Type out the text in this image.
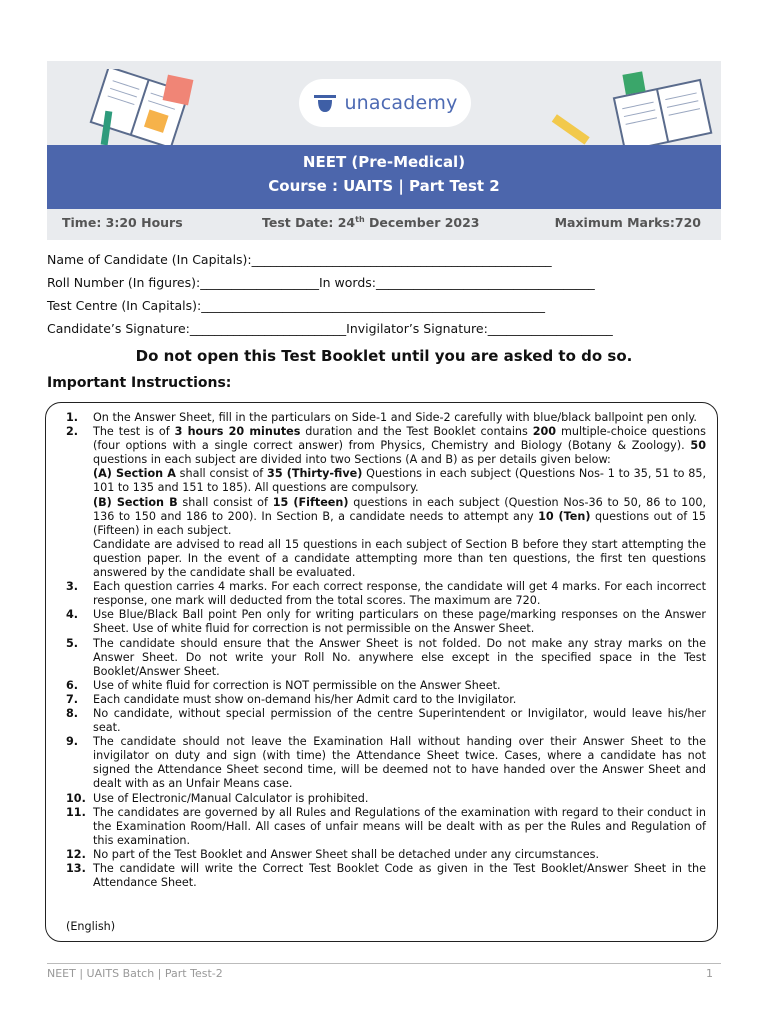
unacademy
NEET (Pre-Medical)
Course : UAITS | Part Test 2
Time: 3:20 Hours	Test Date: 24th December 2023	Maximum Marks:720
Name of Candidate (In Capitals):________________________________________________
Roll Number (In figures):___________________In words:___________________________________
Test Centre (In Capitals):_______________________________________________________
Candidate’s Signature:_________________________Invigilator’s Signature:____________________
Do not open this Test Booklet until you are asked to do so.
Important Instructions:
1.	On the Answer Sheet, fill in the particulars on Side-1 and Side-2 carefully with blue/black ballpoint pen only.
2.	The test is of 3 hours 20 minutes duration and the Test Booklet contains 200 multiple-choice questions (four options with a single correct answer) from Physics, Chemistry and Biology (Botany & Zoology). 50 questions in each subject are divided into two Sections (A and B) as per details given below:
(A) Section A shall consist of 35 (Thirty-five) Questions in each subject (Questions Nos- 1 to 35, 51 to 85, 101 to 135 and 151 to 185). All questions are compulsory.
(B) Section B shall consist of 15 (Fifteen) questions in each subject (Question Nos-36 to 50, 86 to 100, 136 to 150 and 186 to 200). In Section B, a candidate needs to attempt any 10 (Ten) questions out of 15 (Fifteen) in each subject.
Candidate are advised to read all 15 questions in each subject of Section B before they start attempting the question paper. In the event of a candidate attempting more than ten questions, the first ten questions answered by the candidate shall be evaluated.
3.	Each question carries 4 marks. For each correct response, the candidate will get 4 marks. For each incorrect response, one mark will deducted from the total scores. The maximum are 720.
4.	Use Blue/Black Ball point Pen only for writing particulars on these page/marking responses on the Answer Sheet. Use of white fluid for correction is not permissible on the Answer Sheet.
5.	The candidate should ensure that the Answer Sheet is not folded. Do not make any stray marks on the Answer Sheet. Do not write your Roll No. anywhere else except in the specified space in the Test Booklet/Answer Sheet.
6.	Use of white fluid for correction is NOT permissible on the Answer Sheet.
7.	Each candidate must show on-demand his/her Admit card to the Invigilator.
8.	No candidate, without special permission of the centre Superintendent or Invigilator, would leave his/her seat.
9.	The candidate should not leave the Examination Hall without handing over their Answer Sheet to the invigilator on duty and sign (with time) the Attendance Sheet twice. Cases, where a candidate has not signed the Attendance Sheet second time, will be deemed not to have handed over the Answer Sheet and dealt with as an Unfair Means case.
10. Use of Electronic/Manual Calculator is prohibited.
11. The candidates are governed by all Rules and Regulations of the examination with regard to their conduct in the Examination Room/Hall. All cases of unfair means will be dealt with as per the Rules and Regulation of this examination.
12. No part of the Test Booklet and Answer Sheet shall be detached under any circumstances.
13. The candidate will write the Correct Test Booklet Code as given in the Test Booklet/Answer Sheet in the Attendance Sheet.
(English)
NEET | UAITS Batch | Part Test-2	1
